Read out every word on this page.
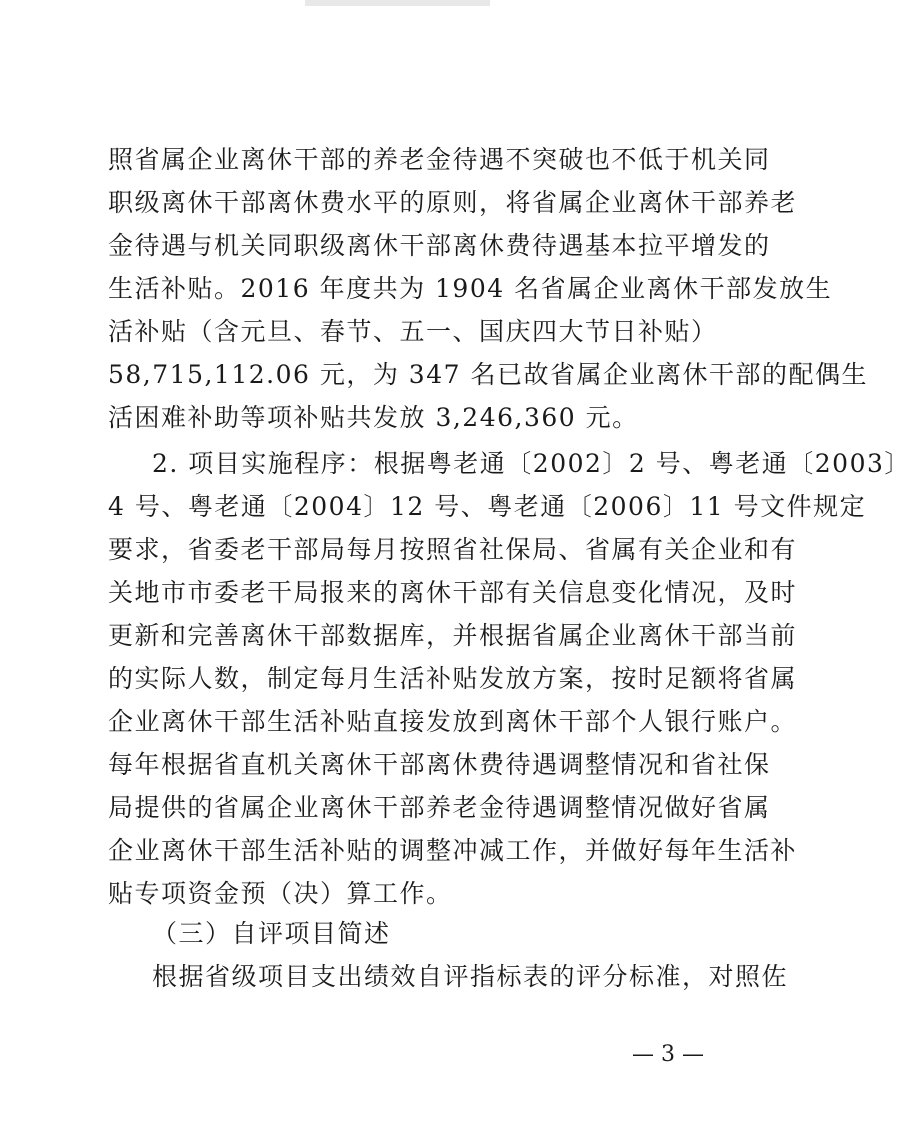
照省属企业离休干部的养老金待遇不突破也不低于机关同
职级离休干部离休费水平的原则，将省属企业离休干部养老
金待遇与机关同职级离休干部离休费待遇基本拉平增发的
生活补贴。2016 年度共为 1904 名省属企业离休干部发放生
活补贴（含元旦、春节、五一、国庆四大节日补贴）
58,715,112.06 元，为 347 名已故省属企业离休干部的配偶生
活困难补助等项补贴共发放 3,246,360 元。
2. 项目实施程序：根据粤老通〔2002〕2 号、粤老通〔2003〕
4 号、粤老通〔2004〕12 号、粤老通〔2006〕11 号文件规定
要求，省委老干部局每月按照省社保局、省属有关企业和有
关地市市委老干局报来的离休干部有关信息变化情况，及时
更新和完善离休干部数据库，并根据省属企业离休干部当前
的实际人数，制定每月生活补贴发放方案，按时足额将省属
企业离休干部生活补贴直接发放到离休干部个人银行账户。
每年根据省直机关离休干部离休费待遇调整情况和省社保
局提供的省属企业离休干部养老金待遇调整情况做好省属
企业离休干部生活补贴的调整冲减工作，并做好每年生活补
贴专项资金预（决）算工作。
（三）自评项目简述
根据省级项目支出绩效自评指标表的评分标准，对照佐
— 3 —
